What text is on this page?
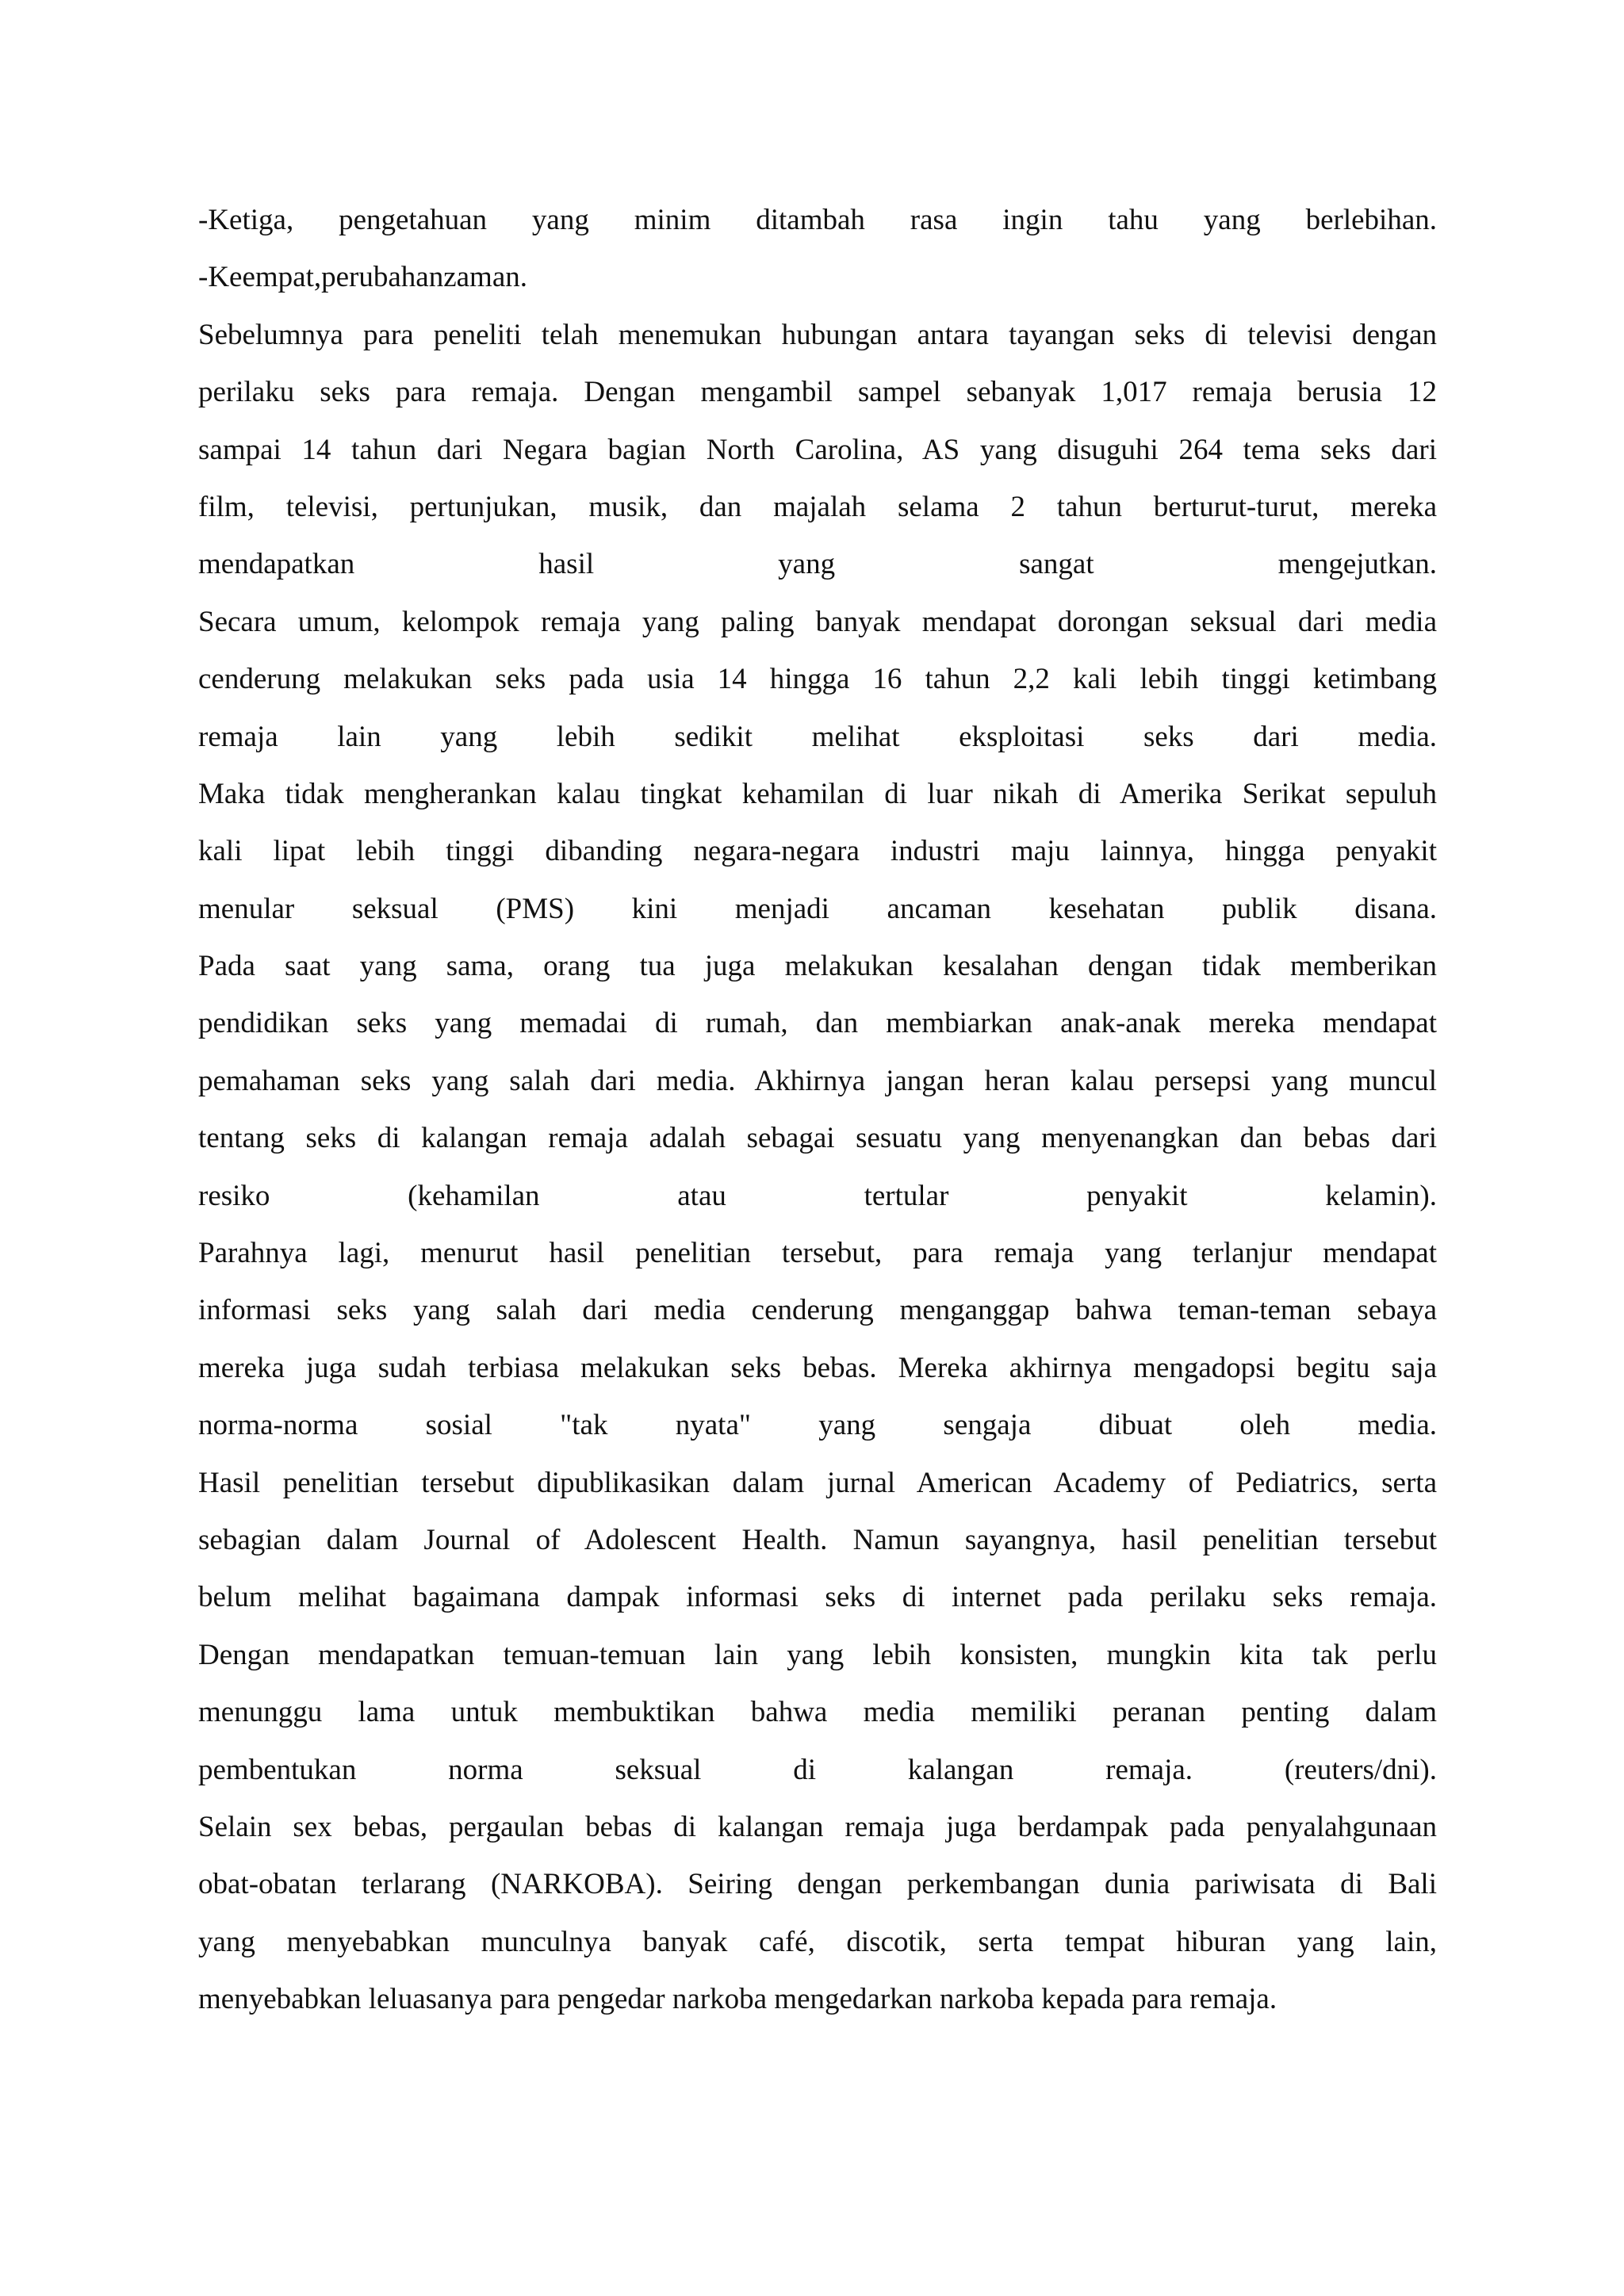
-Ketiga, pengetahuan yang minim ditambah rasa ingin tahu yang berlebihan.
-Keempat,perubahanzaman.
Sebelumnya para peneliti telah menemukan hubungan antara tayangan seks di televisi dengan
perilaku seks para remaja. Dengan mengambil sampel sebanyak 1,017 remaja berusia 12
sampai 14 tahun dari Negara bagian North Carolina, AS yang disuguhi 264 tema seks dari
film, televisi, pertunjukan, musik, dan majalah selama 2 tahun berturut-turut, mereka
mendapatkan hasil yang sangat mengejutkan.
Secara umum, kelompok remaja yang paling banyak mendapat dorongan seksual dari media
cenderung melakukan seks pada usia 14 hingga 16 tahun 2,2 kali lebih tinggi ketimbang
remaja lain yang lebih sedikit melihat eksploitasi seks dari media.
Maka tidak mengherankan kalau tingkat kehamilan di luar nikah di Amerika Serikat sepuluh
kali lipat lebih tinggi dibanding negara-negara industri maju lainnya, hingga penyakit
menular seksual (PMS) kini menjadi ancaman kesehatan publik disana.
Pada saat yang sama, orang tua juga melakukan kesalahan dengan tidak memberikan
pendidikan seks yang memadai di rumah, dan membiarkan anak-anak mereka mendapat
pemahaman seks yang salah dari media. Akhirnya jangan heran kalau persepsi yang muncul
tentang seks di kalangan remaja adalah sebagai sesuatu yang menyenangkan dan bebas dari
resiko (kehamilan atau tertular penyakit kelamin).
Parahnya lagi, menurut hasil penelitian tersebut, para remaja yang terlanjur mendapat
informasi seks yang salah dari media cenderung menganggap bahwa teman-teman sebaya
mereka juga sudah terbiasa melakukan seks bebas. Mereka akhirnya mengadopsi begitu saja
norma-norma sosial "tak nyata" yang sengaja dibuat oleh media.
Hasil penelitian tersebut dipublikasikan dalam jurnal American Academy of Pediatrics, serta
sebagian dalam Journal of Adolescent Health. Namun sayangnya, hasil penelitian tersebut
belum melihat bagaimana dampak informasi seks di internet pada perilaku seks remaja.
Dengan mendapatkan temuan-temuan lain yang lebih konsisten, mungkin kita tak perlu
menunggu lama untuk membuktikan bahwa media memiliki peranan penting dalam
pembentukan norma seksual di kalangan remaja. (reuters/dni).
Selain sex bebas, pergaulan bebas di kalangan remaja juga berdampak pada penyalahgunaan
obat-obatan terlarang (NARKOBA). Seiring dengan perkembangan dunia pariwisata di Bali
yang menyebabkan munculnya banyak café, discotik, serta tempat hiburan yang lain,
menyebabkan leluasanya para pengedar narkoba mengedarkan narkoba kepada para remaja.
